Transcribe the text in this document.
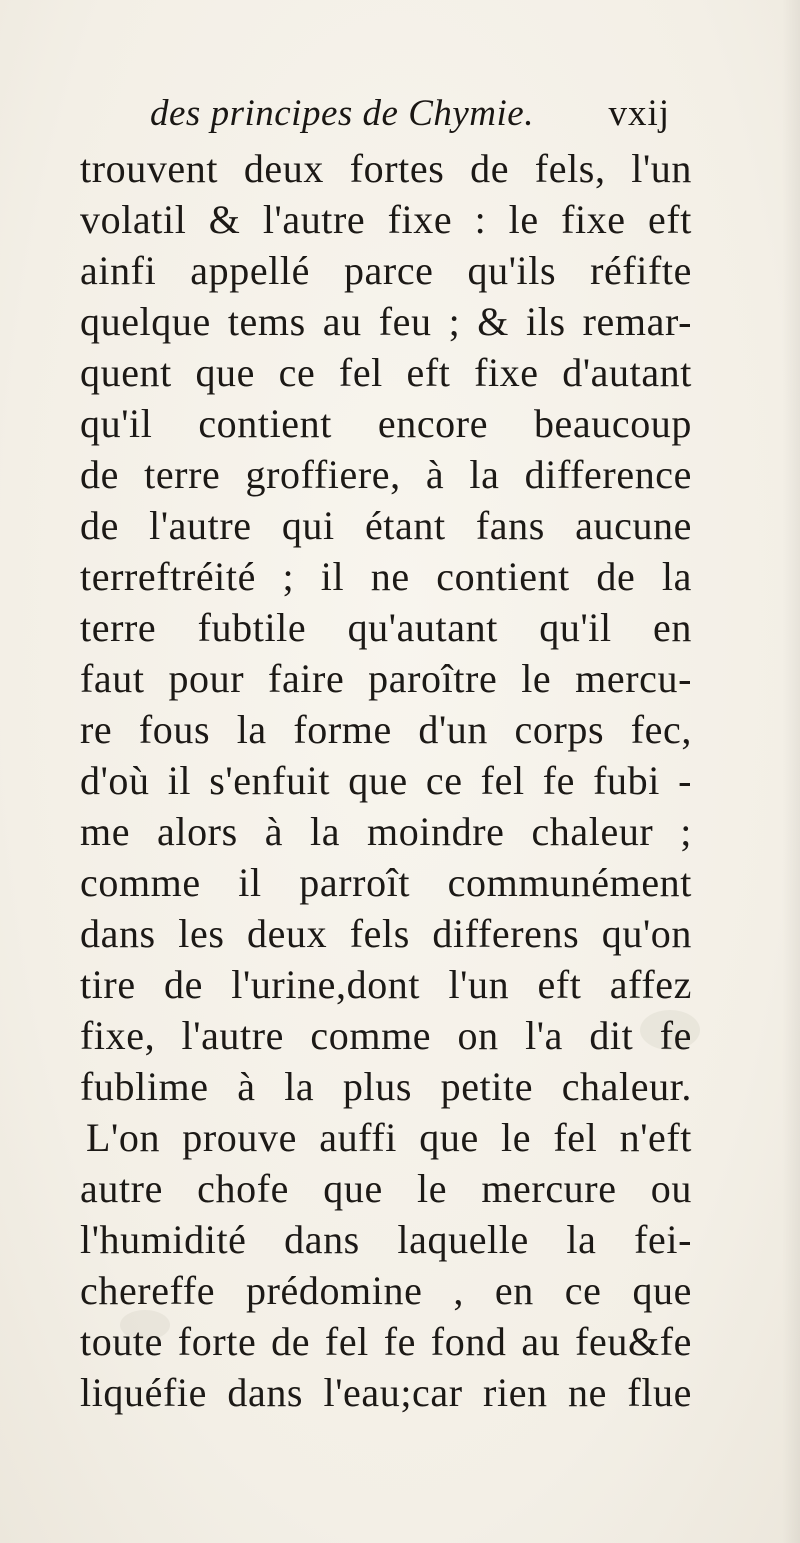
des principes de Chymie. vxij
trouvent deux fortes de fels, l'un
volatil & l'autre fixe : le fixe eft
ainfi appellé parce qu'ils réfifte
quelque tems au feu ; & ils remar-
quent que ce fel eft fixe d'autant
qu'il contient encore beaucoup
de terre groffiere, à la difference
de l'autre qui étant fans aucune
terreftréité ; il ne contient de la
terre fubtile qu'autant qu'il en
faut pour faire paroître le mercu-
re fous la forme d'un corps fec,
d'où il s'enfuit que ce fel fe fubi -
me alors à la moindre chaleur ;
comme il parroît communément
dans les deux fels differens qu'on
tire de l'urine,dont l'un eft affez
fixe, l'autre comme on l'a dit fe
fublime à la plus petite chaleur.
L'on prouve auffi que le fel n'eft
autre chofe que le mercure ou
l'humidité dans laquelle la fei-
chereffe prédomine , en ce que
toute forte de fel fe fond au feu&fe
liquéfie dans l'eau;car rien ne flue
